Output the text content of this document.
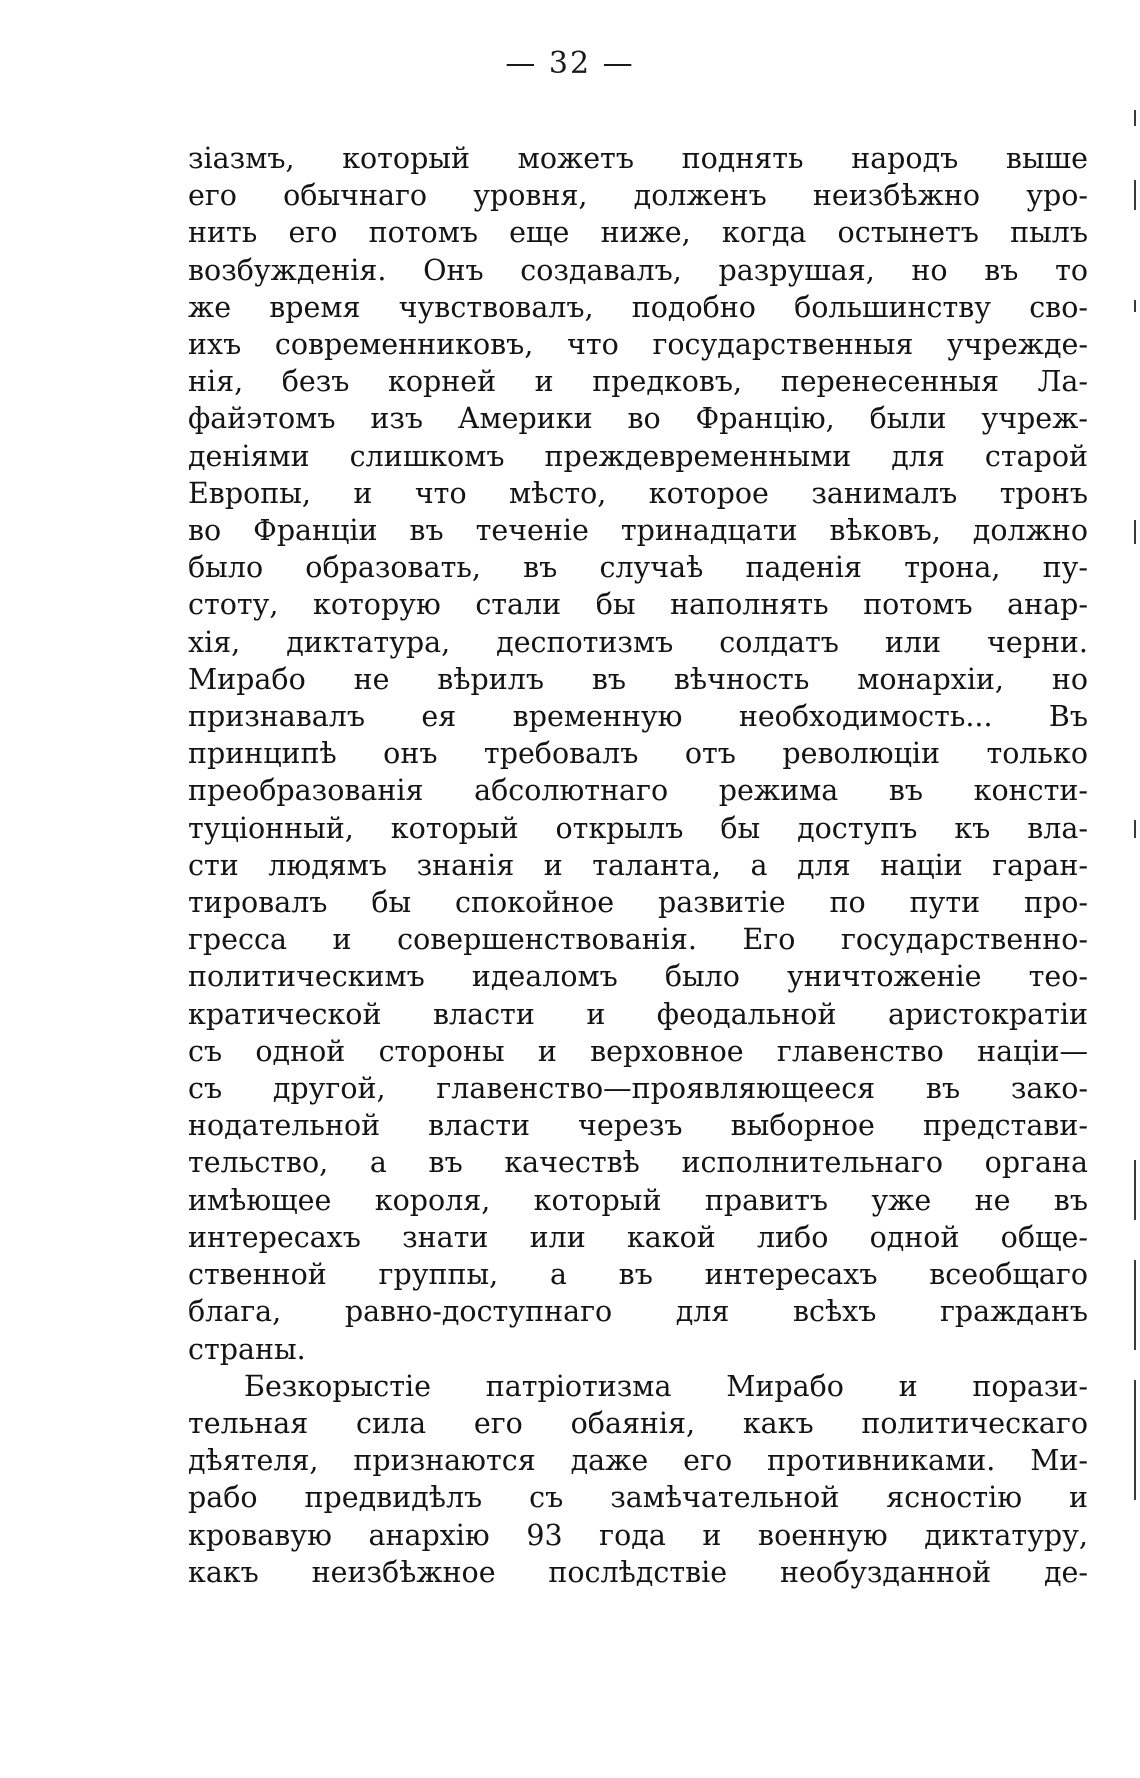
— 32 —
зіазмъ, который можетъ поднять народъ выше
его обычнаго уровня, долженъ неизбѣжно уро-
нить его потомъ еще ниже, когда остынетъ пылъ
возбужденія. Онъ создавалъ, разрушая, но въ то
же время чувствовалъ, подобно большинству сво-
ихъ современниковъ, что государственныя учрежде-
нія, безъ корней и предковъ, перенесенныя Ла-
файэтомъ изъ Америки во Францію, были учреж-
деніями слишкомъ преждевременными для старой
Европы, и что мѣсто, которое занималъ тронъ
во Франціи въ теченіе тринадцати вѣковъ, должно
было образовать, въ случаѣ паденія трона, пу-
стоту, которую стали бы наполнять потомъ анар-
хія, диктатура, деспотизмъ солдатъ или черни.
Мирабо не вѣрилъ въ вѣчность монархіи, но
признавалъ ея временную необходимость... Въ
принципѣ онъ требовалъ отъ революціи только
преобразованія абсолютнаго режима въ консти-
туціонный, который открылъ бы доступъ къ вла-
сти людямъ знанія и таланта, а для націи гаран-
тировалъ бы спокойное развитіе по пути про-
гресса и совершенствованія. Его государственно-
политическимъ идеаломъ было уничтоженіе тео-
кратической власти и феодальной аристократіи
съ одной стороны и верховное главенство націи—
съ другой, главенство—проявляющееся въ зако-
нодательной власти черезъ выборное представи-
тельство, а въ качествѣ исполнительнаго органа
имѣющее короля, который правитъ уже не въ
интересахъ знати или какой либо одной обще-
ственной группы, а въ интересахъ всеобщаго
блага, равно-доступнаго для всѣхъ гражданъ
страны.
Безкорыстіе патріотизма Мирабо и порази-
тельная сила его обаянія, какъ политическаго
дѣятеля, признаются даже его противниками. Ми-
рабо предвидѣлъ съ замѣчательной ясностію и
кровавую анархію 93 года и военную диктатуру,
какъ неизбѣжное послѣдствіе необузданной де-
